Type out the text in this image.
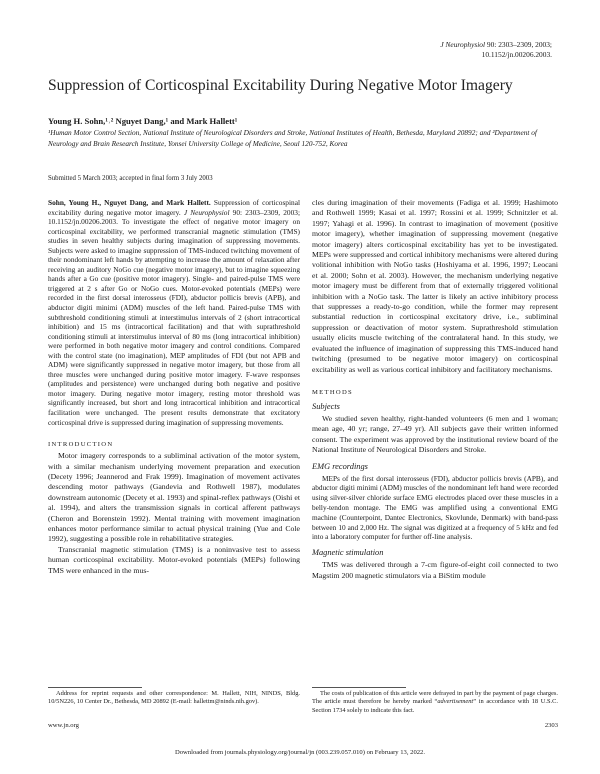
J Neurophysiol 90: 2303–2309, 2003;
10.1152/jn.00206.2003.
Suppression of Corticospinal Excitability During Negative Motor Imagery
Young H. Sohn,¹˒² Nguyet Dang,¹ and Mark Hallett¹
¹Human Motor Control Section, National Institute of Neurological Disorders and Stroke, National Institutes of Health, Bethesda, Maryland 20892; and ²Department of Neurology and Brain Research Institute, Yonsei University College of Medicine, Seoul 120-752, Korea
Submitted 5 March 2003; accepted in final form 3 July 2003

Sohn, Young H., Nguyet Dang, and Mark Hallett. Suppression of corticospinal excitability during negative motor imagery. J Neurophysiol 90: 2303–2309, 2003; 10.1152/jn.00206.2003. To investigate the effect of negative motor imagery on corticospinal excitability, we performed transcranial magnetic stimulation (TMS) studies in seven healthy subjects during imagination of suppressing movements. Subjects were asked to imagine suppression of TMS-induced twitching movement of their nondominant left hands by attempting to increase the amount of relaxation after receiving an auditory NoGo cue (negative motor imagery), but to imagine squeezing hands after a Go cue (positive motor imagery). Single- and paired-pulse TMS were triggered at 2 s after Go or NoGo cues. Motor-evoked potentials (MEPs) were recorded in the first dorsal interosseus (FDI), abductor pollicis brevis (APB), and abductor digiti minimi (ADM) muscles of the left hand. Paired-pulse TMS with subthreshold conditioning stimuli at interstimulus intervals of 2 (short intracortical inhibition) and 15 ms (intracortical facilitation) and that with suprathreshold conditioning stimuli at interstimulus interval of 80 ms (long intracortical inhibition) were performed in both negative motor imagery and control conditions. Compared with the control state (no imagination), MEP amplitudes of FDI (but not APB and ADM) were significantly suppressed in negative motor imagery, but those from all three muscles were unchanged during positive motor imagery. F-wave responses (amplitudes and persistence) were unchanged during both negative and positive motor imagery. During negative motor imagery, resting motor threshold was significantly increased, but short and long intracortical inhibition and intracortical facilitation were unchanged. The present results demonstrate that excitatory corticospinal drive is suppressed during imagination of suppressing movements.

INTRODUCTION

Motor imagery corresponds to a subliminal activation of the motor system, with a similar mechanism underlying movement preparation and execution (Decety 1996; Jeannerod and Frak 1999). Imagination of movement activates descending motor pathways (Gandevia and Rothwell 1987), modulates downstream autonomic (Decety et al. 1993) and spinal-reflex pathways (Oishi et al. 1994), and alters the transmission signals in cortical afferent pathways (Cheron and Borenstein 1992). Mental training with movement imagination enhances motor performance similar to actual physical training (Yue and Cole 1992), suggesting a possible role in rehabilitative strategies.

Transcranial magnetic stimulation (TMS) is a noninvasive test to assess human corticospinal excitability. Motor-evoked potentials (MEPs) following TMS were enhanced in the mus-

cles during imagination of their movements (Fadiga et al. 1999; Hashimoto and Rothwell 1999; Kasai et al. 1997; Rossini et al. 1999; Schnitzler et al. 1997; Yahagi et al. 1996). In contrast to imagination of movement (positive motor imagery), whether imagination of suppressing movement (negative motor imagery) alters corticospinal excitability has yet to be investigated. MEPs were suppressed and cortical inhibitory mechanisms were altered during volitional inhibition with NoGo tasks (Hoshiyama et al. 1996, 1997; Leocani et al. 2000; Sohn et al. 2003). However, the mechanism underlying negative motor imagery must be different from that of externally triggered volitional inhibition with a NoGo task. The latter is likely an active inhibitory process that suppresses a ready-to-go condition, while the former may represent substantial reduction in corticospinal excitatory drive, i.e., subliminal suppression or deactivation of motor system. Suprathreshold stimulation usually elicits muscle twitching of the contralateral hand. In this study, we evaluated the influence of imagination of suppressing this TMS-induced hand twitching (presumed to be negative motor imagery) on corticospinal excitability as well as various cortical inhibitory and facilitatory mechanisms.

METHODS
Subjects

We studied seven healthy, right-handed volunteers (6 men and 1 woman; mean age, 40 yr; range, 27–49 yr). All subjects gave their written informed consent. The experiment was approved by the institutional review board of the National Institute of Neurological Disorders and Stroke.

EMG recordings

MEPs of the first dorsal interosseus (FDI), abductor pollicis brevis (APB), and abductor digiti minimi (ADM) muscles of the nondominant left hand were recorded using silver-silver chloride surface EMG electrodes placed over these muscles in a belly-tendon montage. The EMG was amplified using a conventional EMG machine (Counterpoint, Dantec Electronics, Skovlunde, Denmark) with band-pass between 10 and 2,000 Hz. The signal was digitized at a frequency of 5 kHz and fed into a laboratory computer for further off-line analysis.

Magnetic stimulation

TMS was delivered through a 7-cm figure-of-eight coil connected to two Magstim 200 magnetic stimulators via a BiStim module

Address for reprint requests and other correspondence: M. Hallett, NIH, NINDS, Bldg. 10/5N226, 10 Center Dr., Bethesda, MD 20892 (E-mail: hallettm@ninds.nih.gov).

The costs of publication of this article were defrayed in part by the payment of page charges. The article must therefore be hereby marked “advertisement” in accordance with 18 U.S.C. Section 1734 solely to indicate this fact.

www.jn.org	2303
Downloaded from journals.physiology.org/journal/jn (003.239.057.010) on February 13, 2022.
